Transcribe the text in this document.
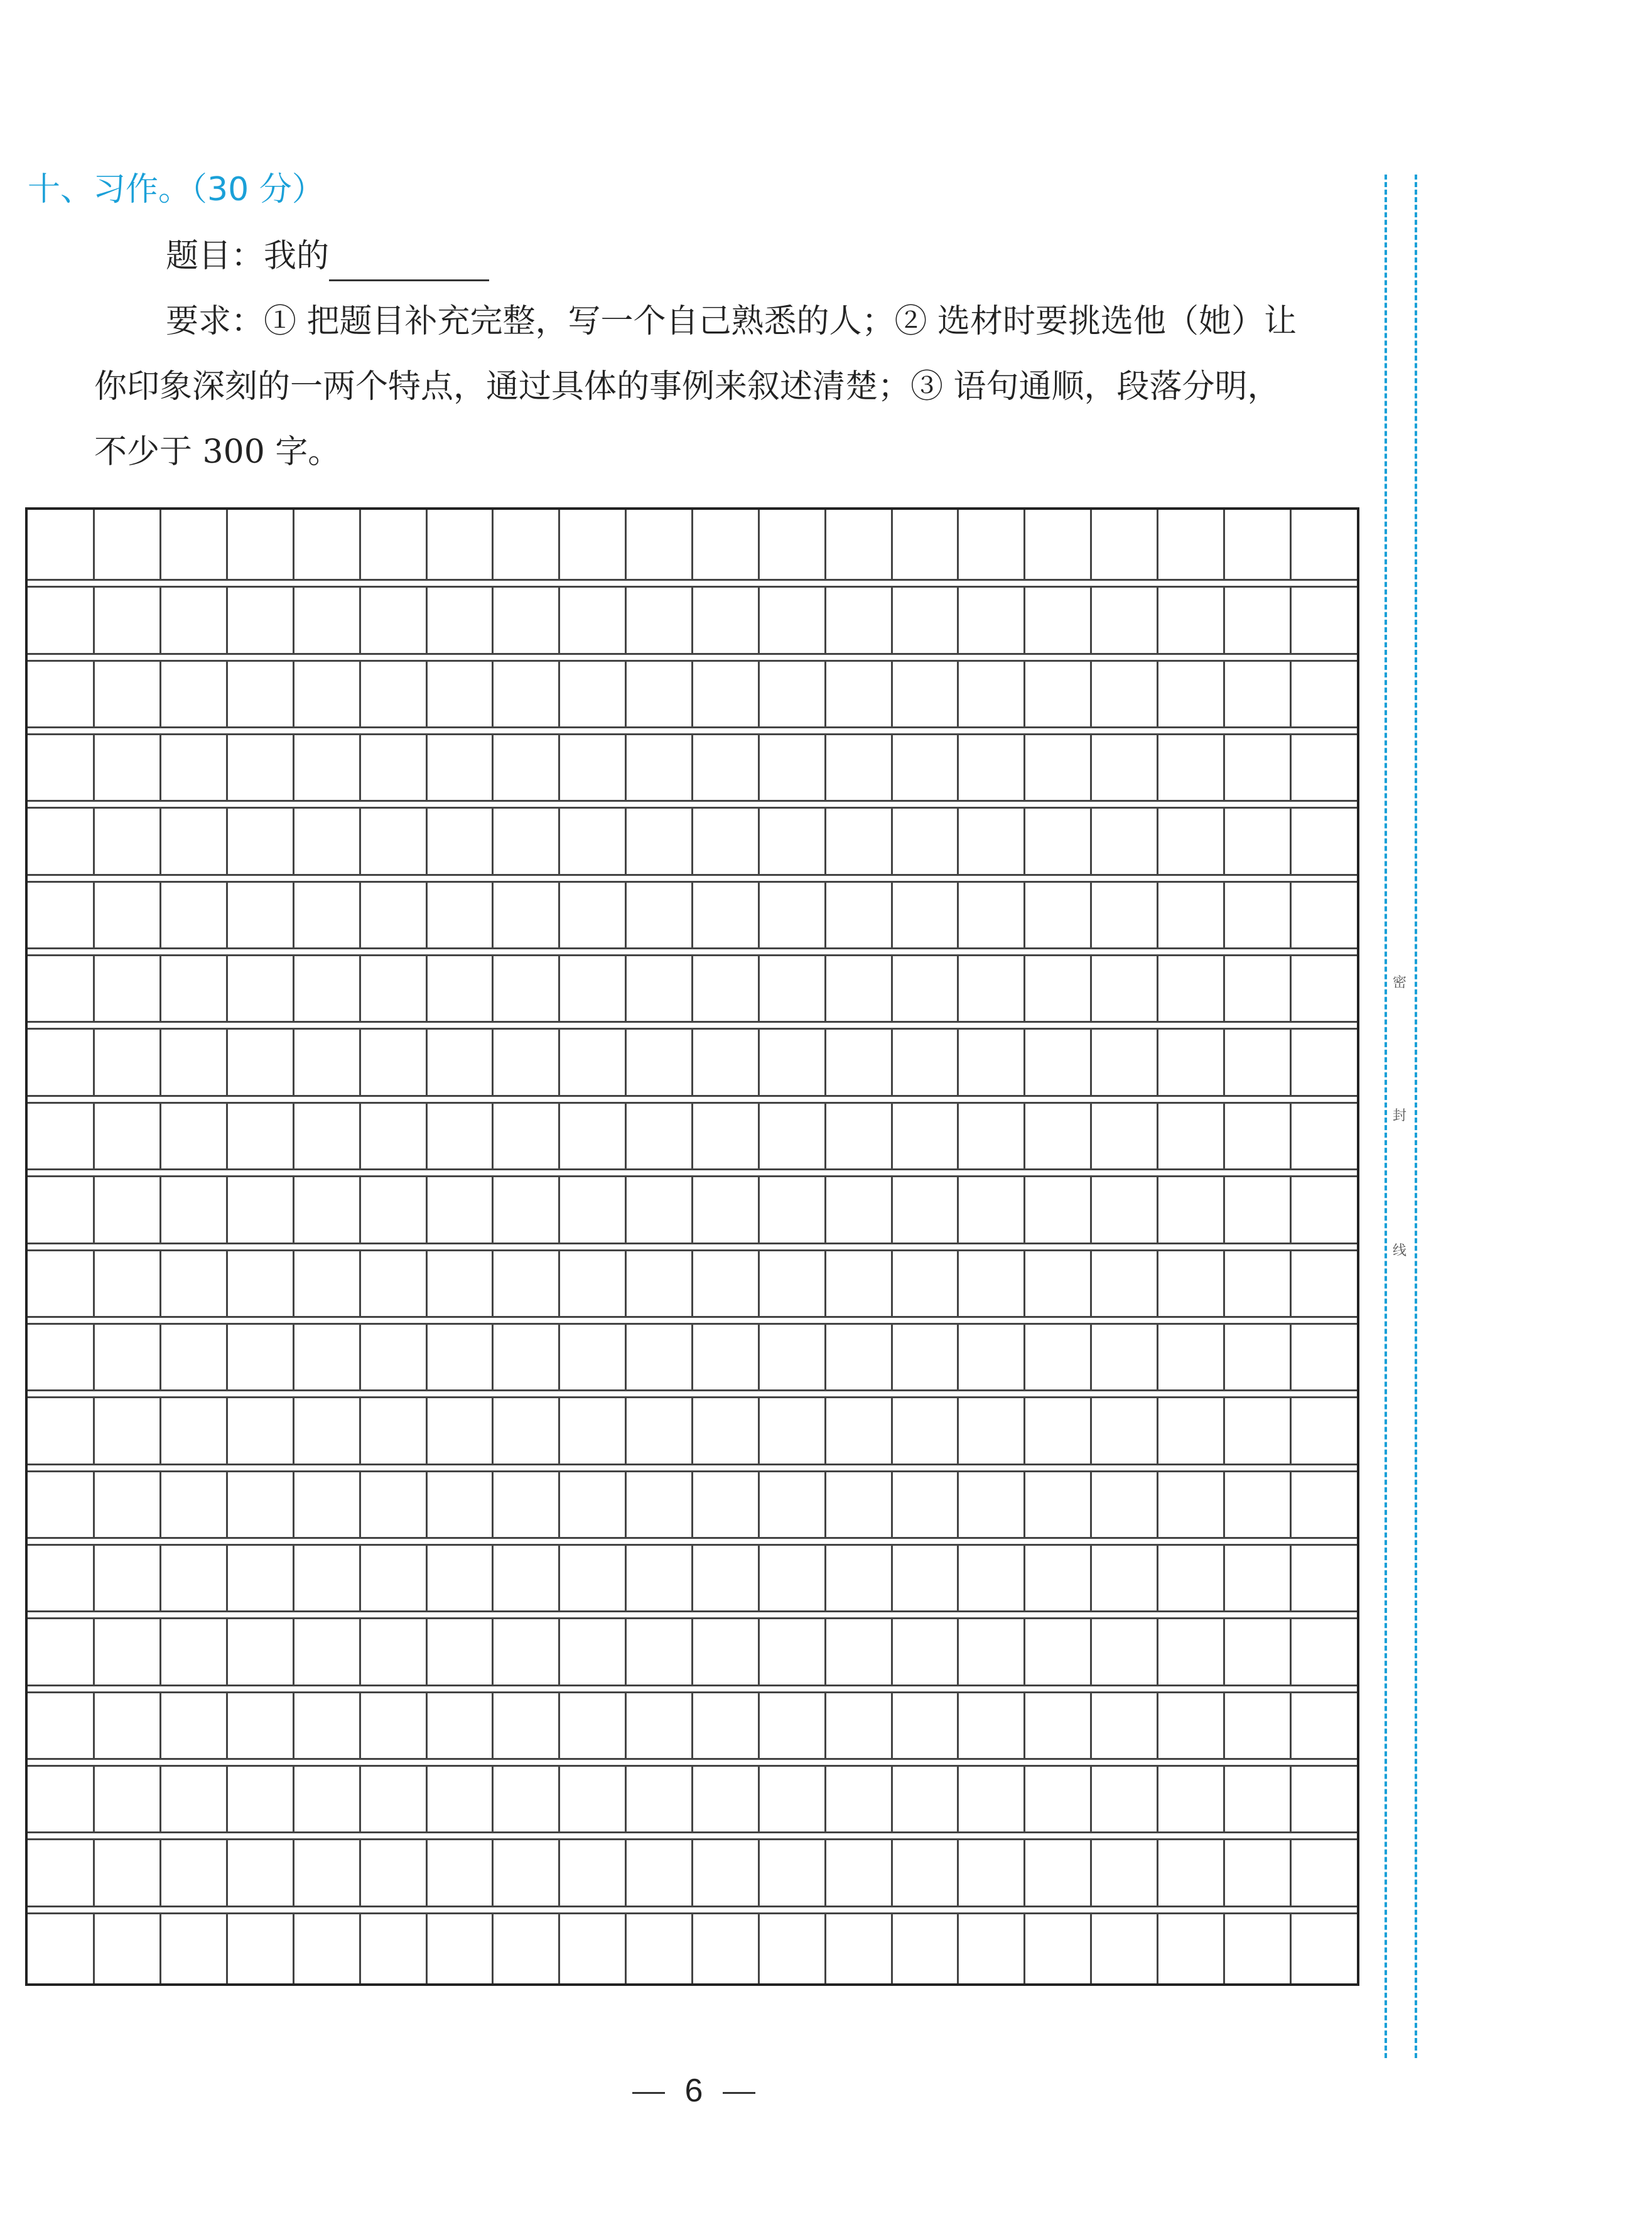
十、习作。（30 分）
题目：我的
要求：① 把题目补充完整，写一个自己熟悉的人；② 选材时要挑选他（她）让
你印象深刻的一两个特点，通过具体的事例来叙述清楚；③ 语句通顺，段落分明，
不少于 300 字。
密
封
线
6
